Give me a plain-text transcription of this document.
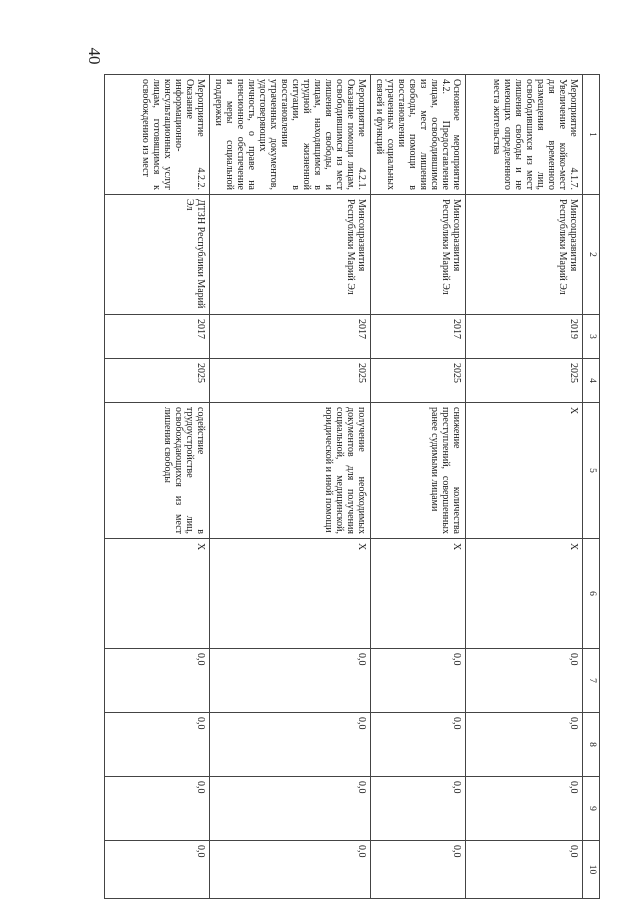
40
1	2	3	4	5	6	7	8	9	10
Мероприятие 4.1.7. Увеличение койко-мест для временного размещения лиц, освободившихся из мест лишения свободы и не имеющих определенного места жительства	Минсоцразвития Республики Марий Эл	2019	2025	X	X	0,0	0,0	0,0	0,0
Основное мероприятие 4.2. Предоставление лицам, освободившимся из мест лишения свободы, помощи в восстановлении утраченных социальных связей и функций	Минсоцразвития Республики Марий Эл	2017	2025	снижение количества преступлений, совершенных ранее судимыми лицами	X	0,0	0,0	0,0	0,0
Мероприятие 4.2.1. Оказание помощи лицам, освободившимся из мест лишения свободы, и лицам, находящимся в трудной жизненной ситуации, в восстановлении утраченных документов, удостоверяющих личность, о праве на пенсионное обеспечение и меры социальной поддержки	Минсоцразвития Республики Марий Эл	2017	2025	получение необходимых документов для получения социальной, медицинской, юридической и иной помощи	X	0,0	0,0	0,0	0,0
Мероприятие 4.2.2. Оказание информационно-консультационных услуг лицам, готовящимся к освобождению из мест	ДТЗН Республики Марий Эл	2017	2025	содействие в трудоустройстве лиц, освобождающихся из мест лишения свободы	X	0,0	0,0	0,0	0,0
